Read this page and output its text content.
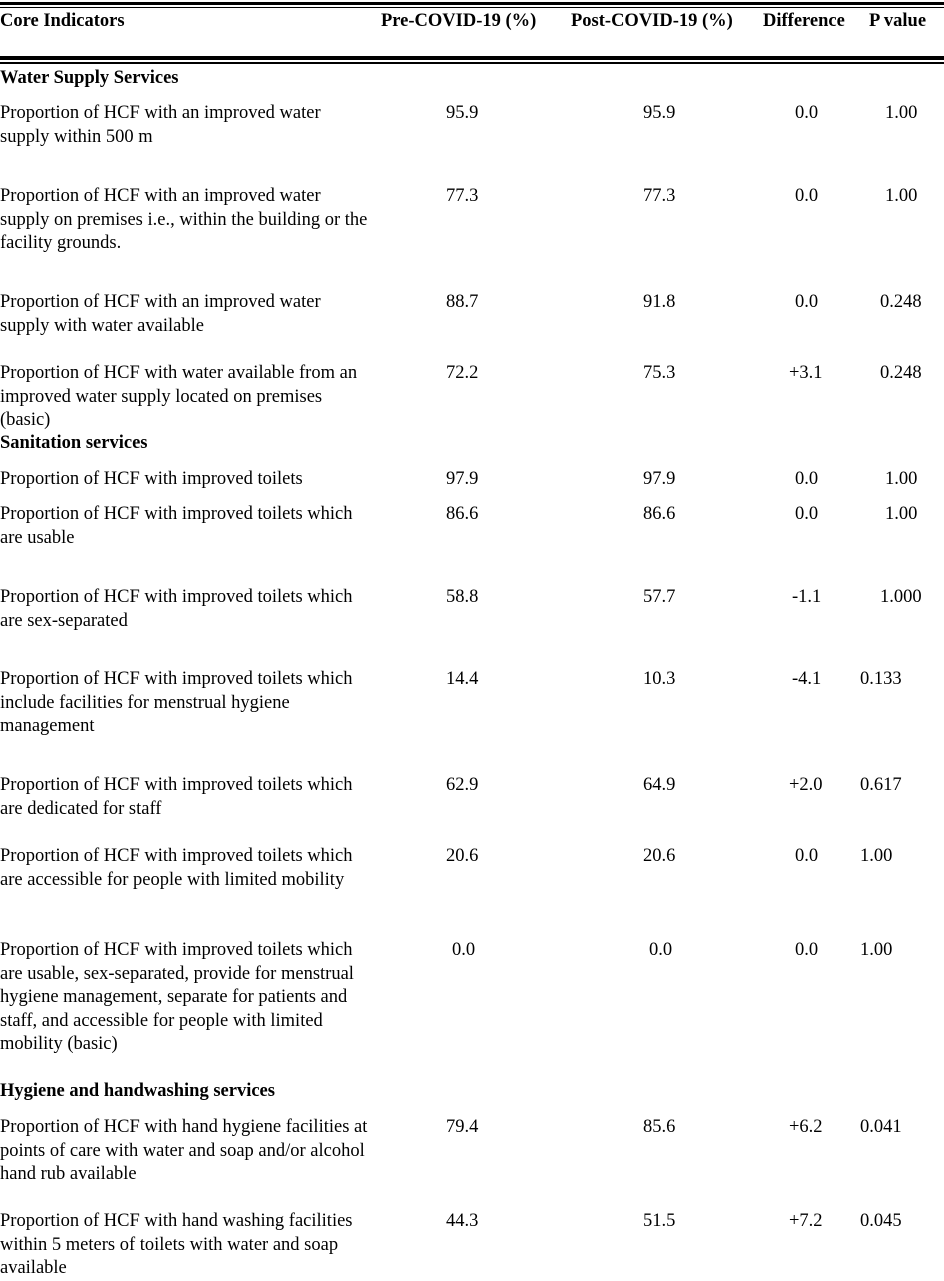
Core Indicators	Pre-COVID-19 (%) Post-COVID-19 (%) Difference P value
Water Supply Services
Proportion of HCF with an improved water supply within 500 m
95.9	95.9	0.0	1.00
Proportion of HCF with an improved water supply on premises i.e., within the building or the facility grounds.
77.3	77.3	0.0	1.00
Proportion of HCF with an improved water supply with water available
88.7	91.8	0.0	0.248
Proportion of HCF with water available from an improved water supply located on premises (basic)
72.2	75.3	+3.1	0.248
Sanitation services
Proportion of HCF with improved toilets	97.9	97.9	0.0	1.00
Proportion of HCF with improved toilets which are usable
86.6	86.6	0.0	1.00
Proportion of HCF with improved toilets which are sex-separated
58.8	57.7	-1.1	1.000
Proportion of HCF with improved toilets which include facilities for menstrual hygiene management
14.4	10.3	-4.1 0.133
Proportion of HCF with improved toilets which are dedicated for staff
62.9	64.9	+2.0 0.617
Proportion of HCF with improved toilets which are accessible for people with limited mobility
20.6	20.6	0.0 1.00
Proportion of HCF with improved toilets which are usable, sex-separated, provide for menstrual hygiene management, separate for patients and staff, and accessible for people with limited mobility (basic)
0.0	0.0	0.0 1.00
Hygiene and handwashing services
Proportion of HCF with hand hygiene facilities at points of care with water and soap and/or alcohol hand rub available
79.4	85.6	+6.2 0.041
Proportion of HCF with hand washing facilities within 5 meters of toilets with water and soap available
44.3	51.5	+7.2 0.045
